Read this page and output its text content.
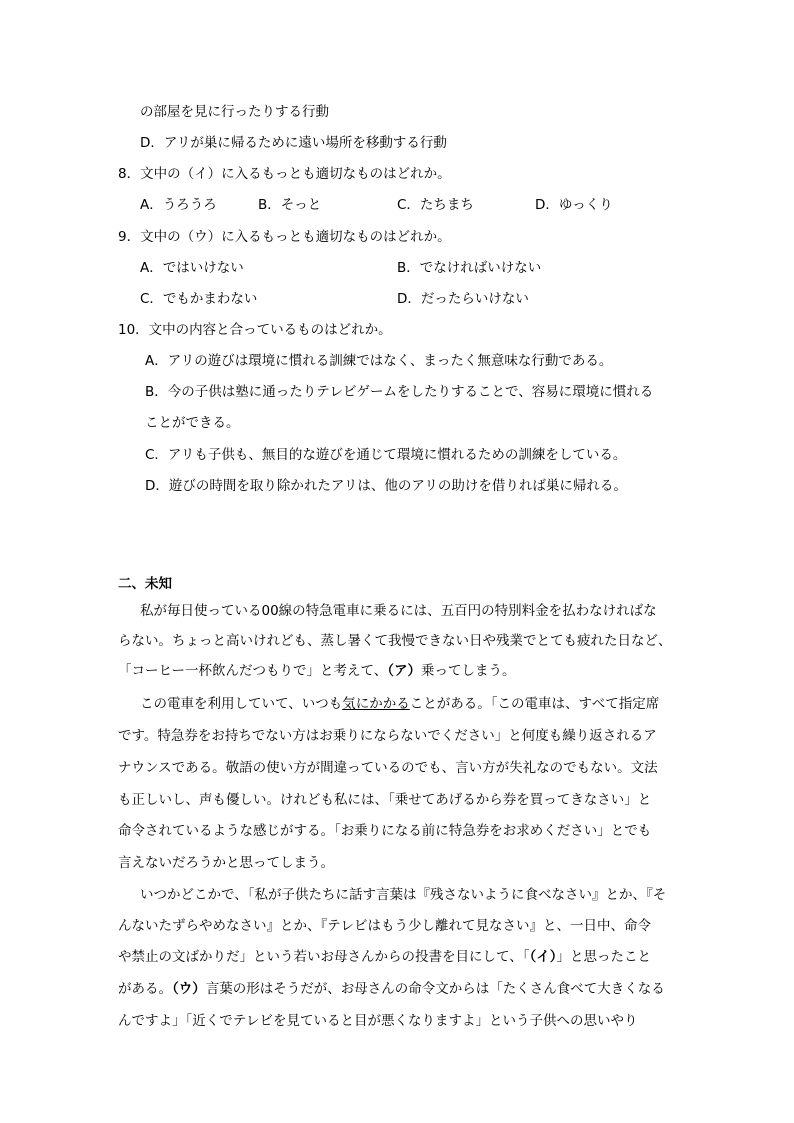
の部屋を見に行ったりする行動
D．アリが巣に帰るために遠い場所を移動する行動
8．文中の（イ）に入るもっとも適切なものはどれか。
A．うろうろ	B．そっと	C．たちまち	D．ゆっくり
9．文中の（ウ）に入るもっとも適切なものはどれか。
A．ではいけない	B．でなければいけない
C．でもかまわない	D．だったらいけない
10．文中の内容と合っているものはどれか。
A．アリの遊びは環境に慣れる訓練ではなく、まったく無意味な行動である。
B．今の子供は塾に通ったりテレビゲームをしたりすることで、容易に環境に慣れる
ことができる。
C．アリも子供も、無目的な遊びを通じて環境に慣れるための訓練をしている。
D．遊びの時間を取り除かれたアリは、他のアリの助けを借りれば巣に帰れる。
二、未知
私が毎日使っている00線の特急電車に乗るには、五百円の特別料金を払わなければな
らない。ちょっと高いけれども、蒸し暑くて我慢できない日や残業でとても疲れた日など、
「コーヒー一杯飲んだつもりで」と考えて、（ア）乗ってしまう。
この電車を利用していて、いつも気にかかることがある。「この電車は、すべて指定席
です。特急券をお持ちでない方はお乗りにならないでください」と何度も繰り返されるア
ナウンスである。敬語の使い方が間違っているのでも、言い方が失礼なのでもない。文法
も正しいし、声も優しい。けれども私には、「乗せてあげるから券を買ってきなさい」と
命令されているような感じがする。「お乗りになる前に特急券をお求めください」とでも
言えないだろうかと思ってしまう。
いつかどこかで、「私が子供たちに話す言葉は『残さないように食べなさい』とか、『そ
んないたずらやめなさい』とか、『テレビはもう少し離れて見なさい』と、一日中、命令
や禁止の文ばかりだ」という若いお母さんからの投書を目にして、「（イ）」と思ったこと
がある。（ウ）言葉の形はそうだが、お母さんの命令文からは「たくさん食べて大きくなる
んですよ」「近くでテレビを見ていると目が悪くなりますよ」という子供への思いやり
